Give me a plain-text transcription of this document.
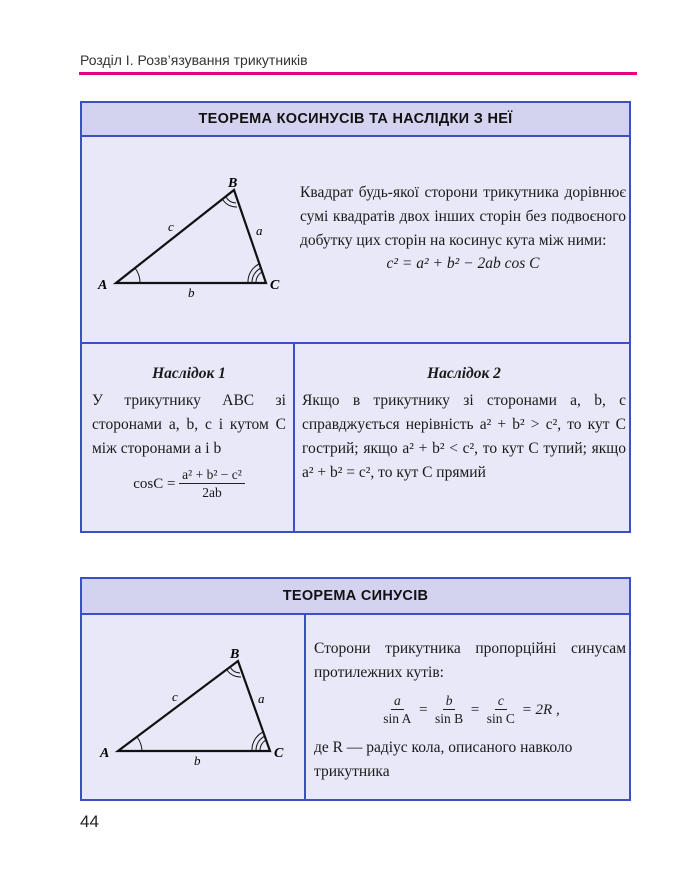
Розділ І. Розв’язування трикутників
ТЕОРЕМА КОСИНУСІВ ТА НАСЛІДКИ З НЕЇ
A
B
C
a
b
c
Квадрат будь-якої сторони трикутника дорівнює сумі квадратів двох інших сторін без подвоєного добутку цих сторін на косинус кута між ними:
c² = a² + b² − 2ab cos C
Наслідок 1
У трикутнику ABC зі сторонами a, b, c і кутом C між сторонами a і b
$\cos C = \frac{\text{a² + b² − c²}}{2ab}$
Наслідок 2
Якщо в трикутнику зі сторонами a, b, c справджується нерівність a² + b² > c², то кут C гострий; якщо a² + b² < c², то кут C тупий; якщо a² + b² = c², то кут C прямий
ТЕОРЕМА СИНУСІВ
A
B
C
a
b
c
Сторони трикутника пропорційні синусам протилежних кутів:
$\frac{a}{\text{sin A}} = \frac{b}{\text{sin B}} = \frac{c}{\text{sin C}} = 2R$ ,
де R — радіус кола, описаного навколо трикутника
44
